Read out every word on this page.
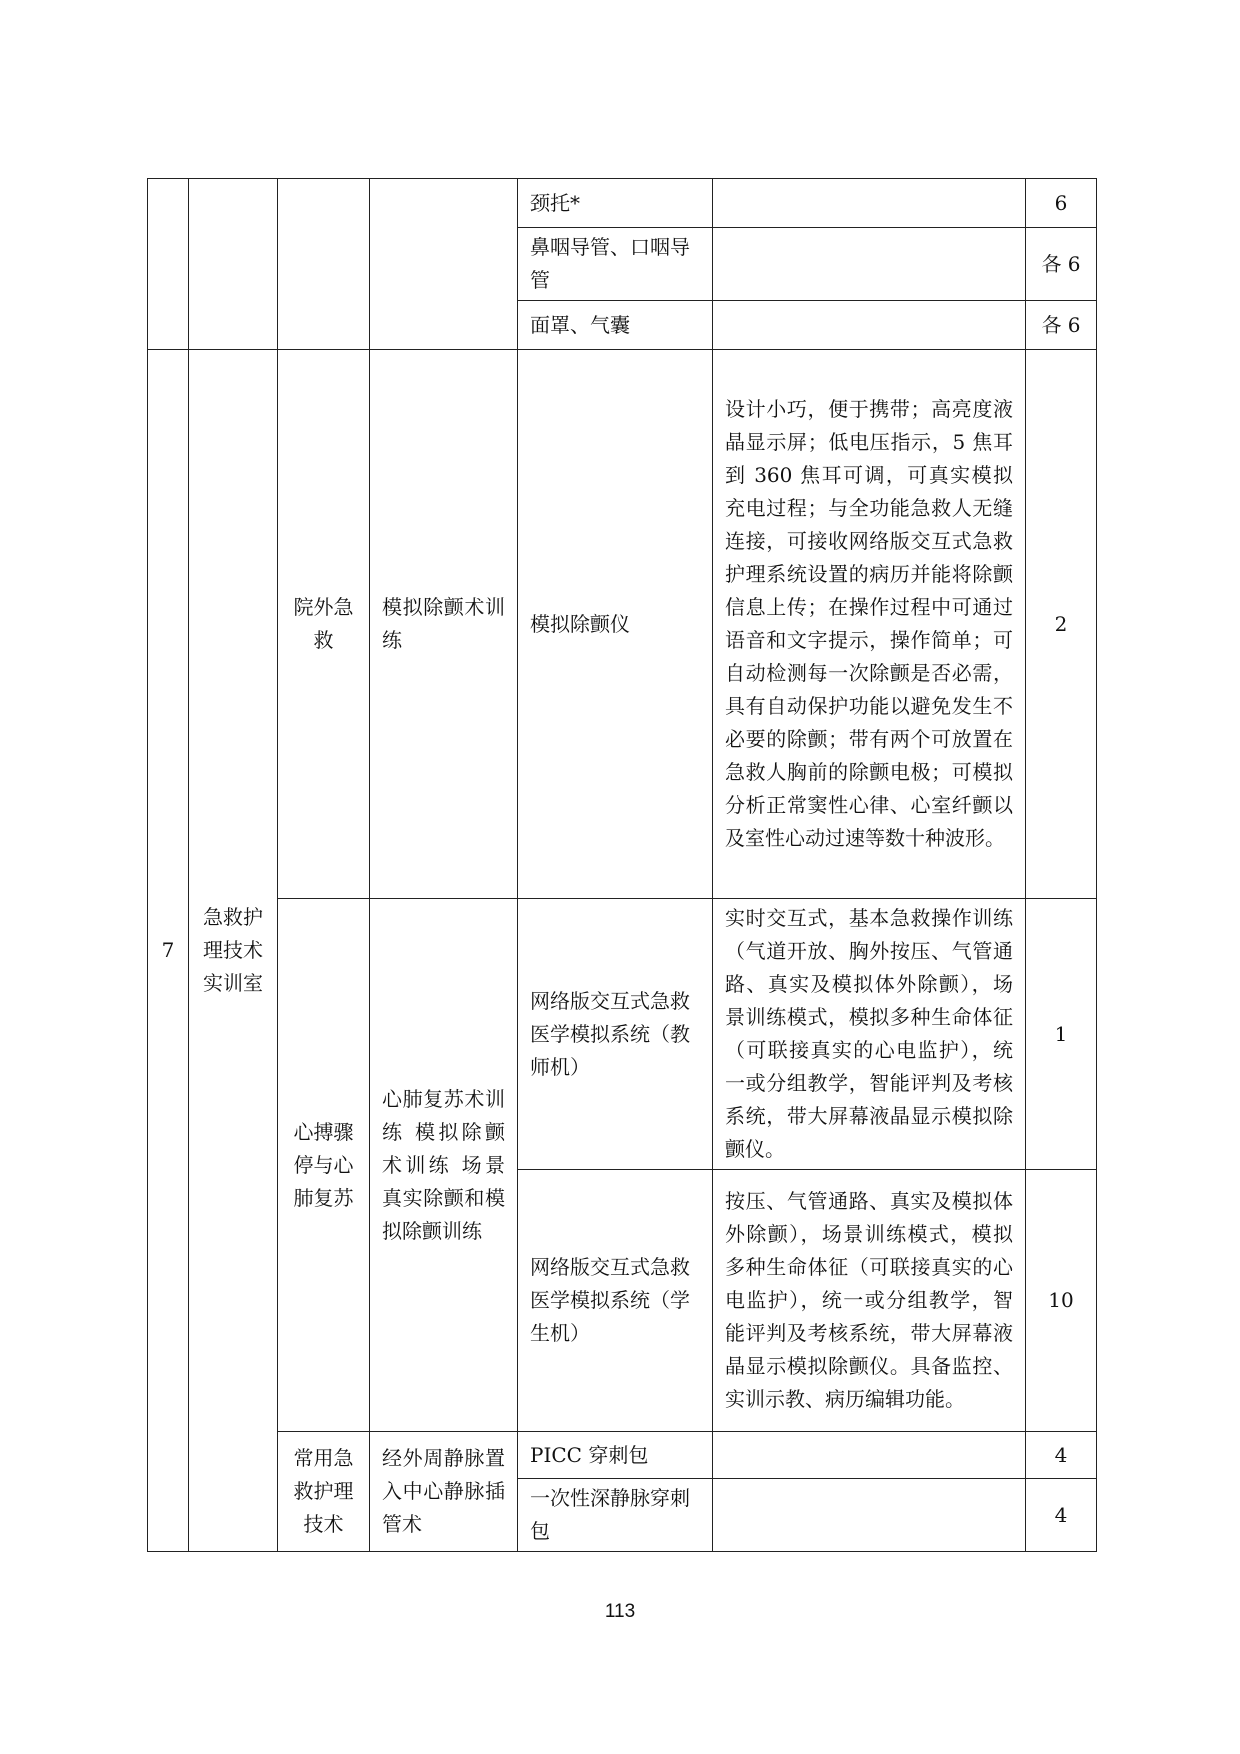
				颈托*		6
				鼻咽导管、口咽导管		各 6
				面罩、气囊		各 6
7	急救护理技术实训室	院外急救	模拟除颤术训练	模拟除颤仪	设计小巧，便于携带；高亮度液晶显示屏；低电压指示，5 焦耳到 360 焦耳可调，可真实模拟充电过程；与全功能急救人无缝连接，可接收网络版交互式急救护理系统设置的病历并能将除颤信息上传；在操作过程中可通过语音和文字提示，操作简单；可自动检测每一次除颤是否必需，具有自动保护功能以避免发生不必要的除颤；带有两个可放置在急救人胸前的除颤电极；可模拟分析正常窦性心律、心室纤颤以及室性心动过速等数十种波形。	2
		心搏骤停与心肺复苏	心肺复苏术训练 模拟除颤术训练 场景真实除颤和模拟除颤训练	网络版交互式急救医学模拟系统（教师机）	实时交互式，基本急救操作训练（气道开放、胸外按压、气管通路、真实及模拟体外除颤），场景训练模式，模拟多种生命体征（可联接真实的心电监护），统一或分组教学，智能评判及考核系统，带大屏幕液晶显示模拟除颤仪。	1
				网络版交互式急救医学模拟系统（学生机）	按压、气管通路、真实及模拟体外除颤），场景训练模式，模拟多种生命体征（可联接真实的心电监护），统一或分组教学，智能评判及考核系统，带大屏幕液晶显示模拟除颤仪。具备监控、实训示教、病历编辑功能。	10
		常用急救护理技术	经外周静脉置入中心静脉插管术	PICC 穿刺包		4
				一次性深静脉穿刺包		4
113
